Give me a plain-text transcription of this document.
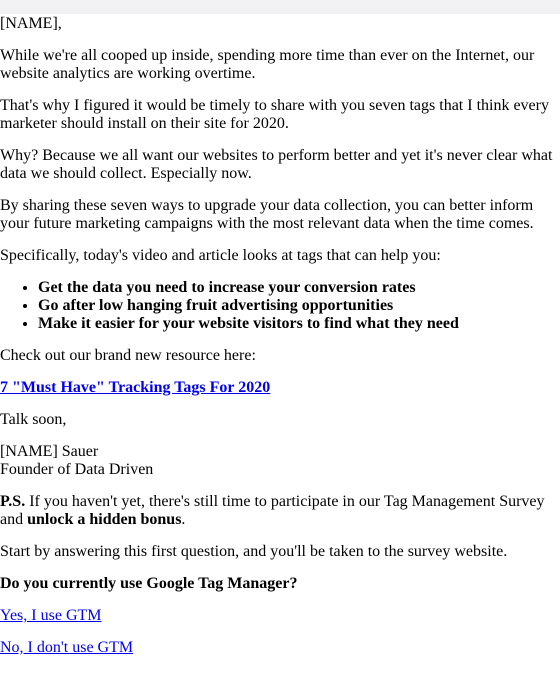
[NAME],

While we're all cooped up inside, spending more time than ever on the Internet, our website analytics are working overtime.

That's why I figured it would be timely to share with you seven tags that I think every marketer should install on their site for 2020.

Why? Because we all want our websites to perform better and yet it's never clear what data we should collect. Especially now.

By sharing these seven ways to upgrade your data collection, you can better inform your future marketing campaigns with the most relevant data when the time comes.

Specifically, today's video and article looks at tags that can help you:

• Get the data you need to increase your conversion rates
• Go after low hanging fruit advertising opportunities
• Make it easier for your website visitors to find what they need

Check out our brand new resource here:

7 "Must Have" Tracking Tags For 2020

Talk soon,

[NAME] Sauer
Founder of Data Driven

P.S. If you haven't yet, there's still time to participate in our Tag Management Survey and unlock a hidden bonus.

Start by answering this first question, and you'll be taken to the survey website.

Do you currently use Google Tag Manager?

Yes, I use GTM

No, I don't use GTM
